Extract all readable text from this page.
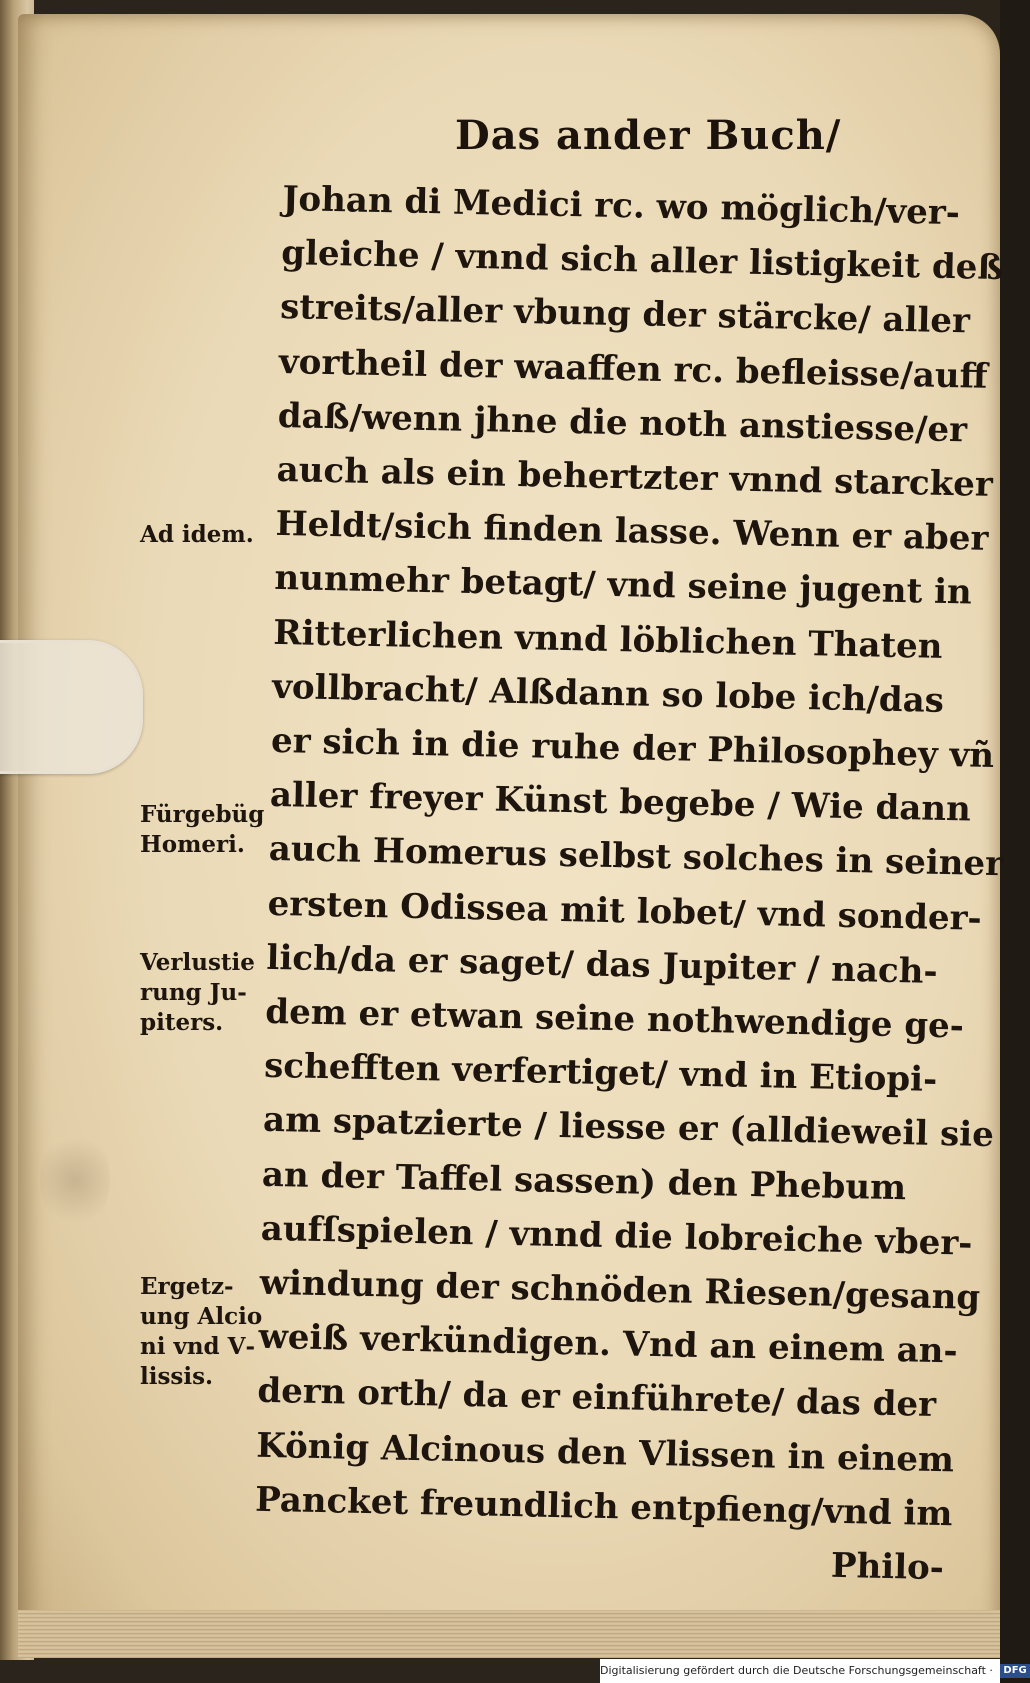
Das ander Buch/
Johan di Medici rc. wo möglich/ver‑
gleiche / vnnd sich aller listigkeit deß
streits/aller vbung der stärcke/ aller
vortheil der waaffen rc. befleisse/auff
daß/wenn jhne die noth anstiesse/er
auch als ein behertzter vnnd starcker
Heldt/sich finden lasse. Wenn er aber
nunmehr betagt/ vnd seine jugent in
Ritterlichen vnnd löblichen Thaten
vollbracht/ Alßdann so lobe ich/das
er sich in die ruhe der Philosophey vñ
aller freyer Künst begebe / Wie dann
auch Homerus selbst solches in seiner
ersten Odissea mit lobet/ vnd sonder‑
lich/da er saget/ das Jupiter / nach‑
dem er etwan seine nothwendige ge‑
schefften verfertiget/ vnd in Etiopi‑
am spatzierte / liesse er (alldieweil sie
an der Taffel sassen) den Phebum
aufſspielen / vnnd die lobreiche vber‑
windung der schnöden Riesen/gesang
weiß verkündigen. Vnd an einem an‑
dern orth/ da er einführete/ das der
König Alcinous den Vlissen in einem
Pancket freundlich entpfieng/vnd im
Philo‑
Ad idem.
Fürgebüg
Homeri.
Verlustie
rung Ju‑
piters.
Ergetz‑
ung Alcio
ni vnd V‑
lissis.
Digitalisierung gefördert durch die Deutsche Forschungsgemeinschaft · DFG
